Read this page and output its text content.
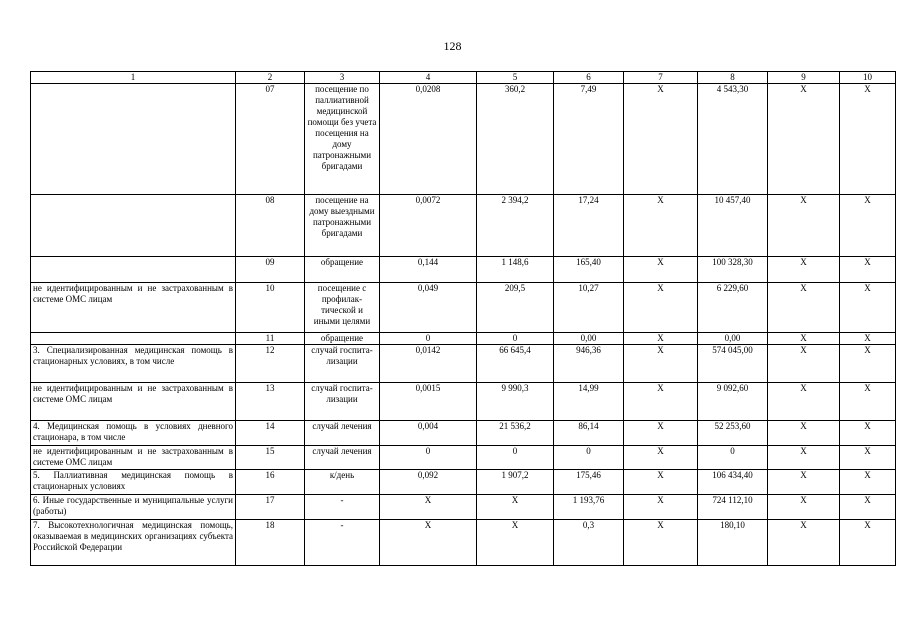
128
1	2	3	4	5	6	7	8	9	10
	07	посещение по паллиативной медицинской помощи без учета посещения на дому патронажными бригадами	0,0208	360,2	7,49	X	4 543,30	X	X
	08	посещение на дому выездными патронажными бригадами	0,0072	2 394,2	17,24	X	10 457,40	X	X
	09	обращение	0,144	1 148,6	165,40	X	100 328,30	X	X
не идентифицированным и не застрахованным в системе ОМС лицам	10	посещение с профилак-тической и иными целями	0,049	209,5	10,27	X	6 229,60	X	X
	11	обращение	0	0	0,00	X	0,00	X	X
3. Специализированная медицинская помощь в стационарных условиях, в том числе	12	случай госпита-лизации	0,0142	66 645,4	946,36	X	574 045,00	X	X
не идентифицированным и не застрахованным в системе ОМС лицам	13	случай госпита-лизации	0,0015	9 990,3	14,99	X	9 092,60	X	X
4. Медицинская помощь в условиях дневного стационара, в том числе	14	случай лечения	0,004	21 536,2	86,14	X	52 253,60	X	X
не идентифицированным и не застрахованным в системе ОМС лицам	15	случай лечения	0	0	0	X	0	X	X
5. Паллиативная медицинская помощь в стационарных условиях	16	к/день	0,092	1 907,2	175,46	X	106 434,40	X	X
6. Иные государственные и муниципальные услуги (работы)	17	-	X	X	1 193,76	X	724 112,10	X	X
7. Высокотехнологичная медицинская помощь, оказываемая в медицинских организациях субъекта Российской Федерации	18	-	X	X	0,3	X	180,10	X	X
